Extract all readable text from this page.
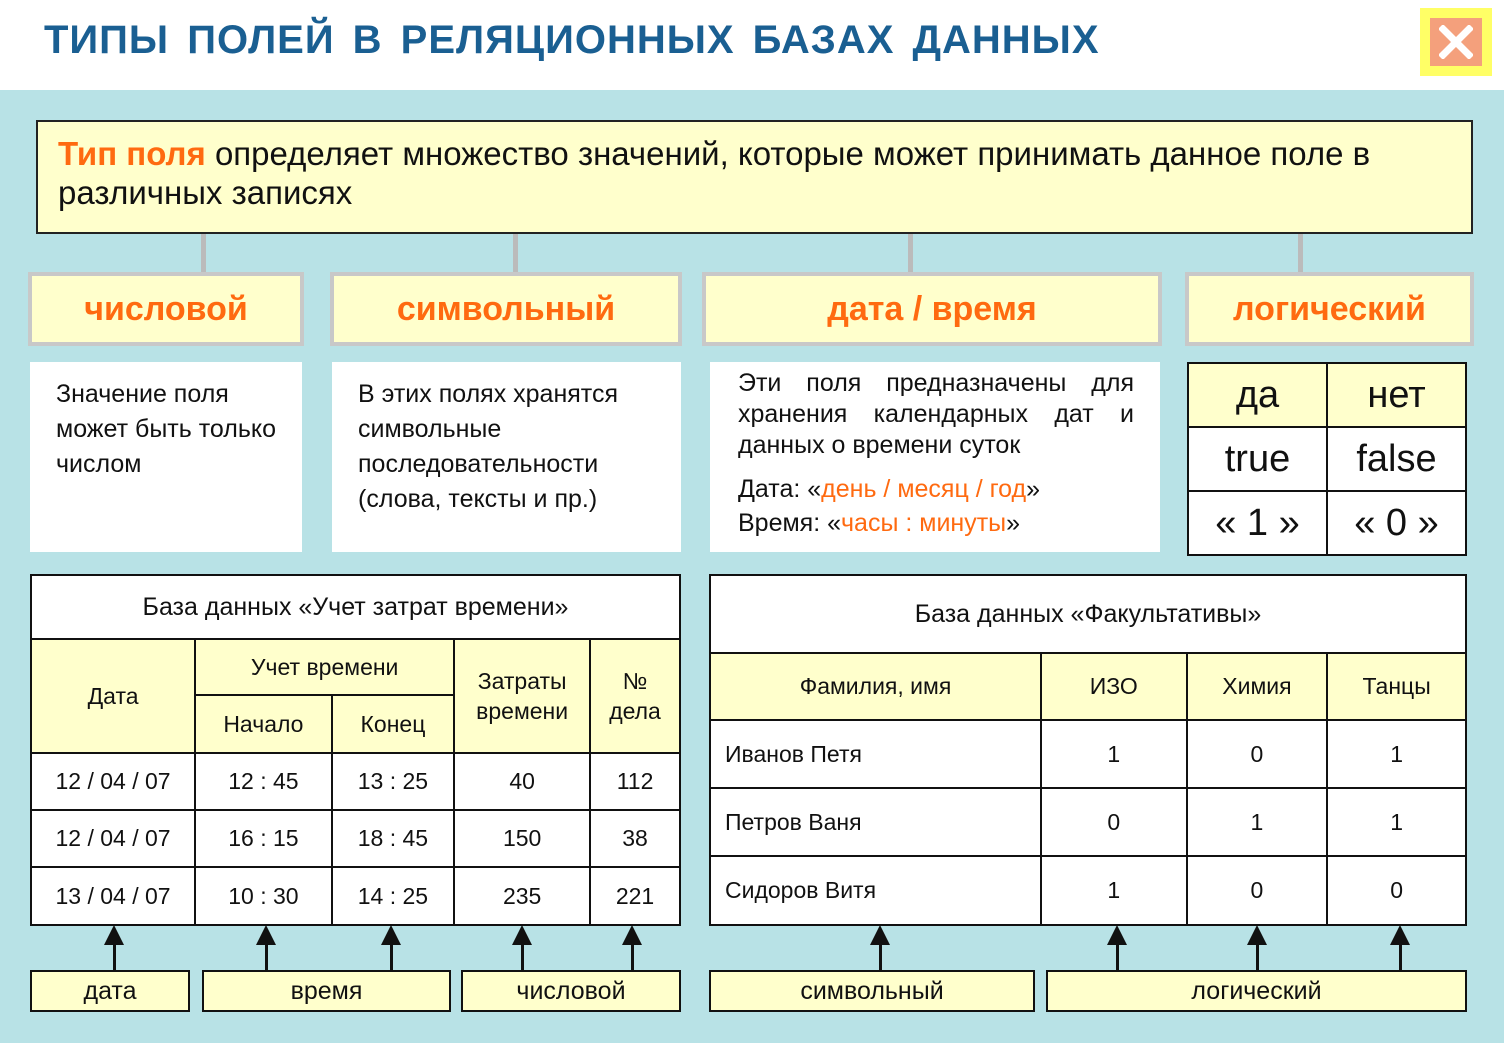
ТИПЫ ПОЛЕЙ В РЕЛЯЦИОННЫХ БАЗАХ ДАННЫХ
Тип поля определяет множество значений, которые может принимать данное поле в различных записях
числовой	символьный	дата / время	логический
Значение поля может быть только числом
В этих полях хранятся символьные последовательности (слова, тексты и пр.)
Эти поля предназначены для хранения календарных дат и данных о времени суток
Дата: «день / месяц / год»
Время: «часы : минуты»
да	нет
true	false
« 1 »	« 0 »
База данных «Учет затрат времени»				
Дата	Учет времени		Затраты времени	№ дела
	Начало	Конец		
12 / 04 / 07	12 : 45	13 : 25	40	112
12 / 04 / 07	16 : 15	18 : 45	150	38
13 / 04 / 07	10 : 30	14 : 25	235	221
База данных «Факультативы»			
Фамилия, имя	ИЗО	Химия	Танцы
Иванов Петя	1	0	1
Петров Ваня	0	1	1
Сидоров Витя	1	0	0
дата	время	числовой	символьный	логический
